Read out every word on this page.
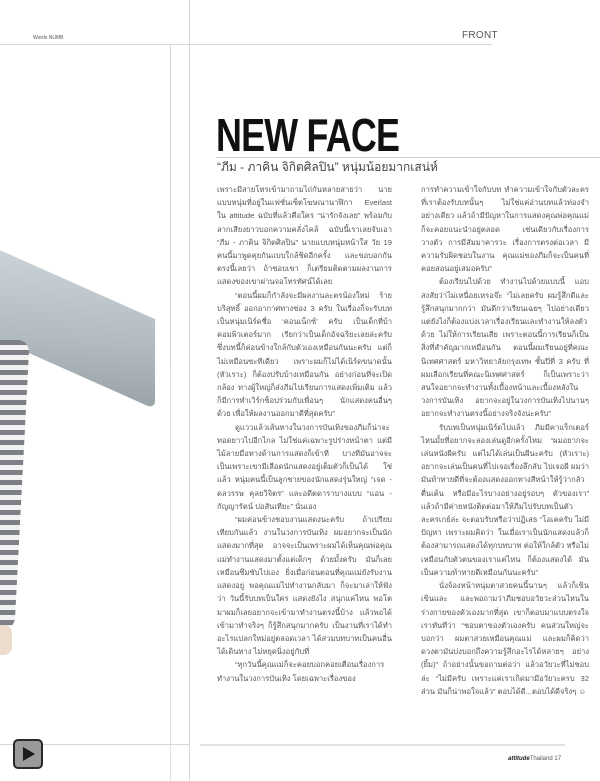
Words NUMB	FRONT
NEW FACE
“ภีม - ภาคิน จิกิตศิลปิน” หนุ่มน้อยมากเสน่ห์

เพราะมีสายโทรเข้ามาถามไถ่กันหลายสายว่า นายแบบหนุ่มที่อยู่ในแฟชั่นเซ็ตโฆษณานาฬิกา Everlast ใน attitude ฉบับที่แล้วคือใคร “น่ารักจังเลย” พร้อมกับลากเสียงยาวบอกความคลั่งไคล้ ฉบับนี้เราเลยจับเอา “ภีม - ภาคิน จิกิตศิลปิน” นายแบบหนุ่มหน้าใส วัย 19 คนนี้มาพูดคุยกันแบบใกล้ชิดอีกครั้ง และขอบอกกันตรงนี้เลยว่า ถ้าชอบเขา ก็เตรียมติดตามผลงานการแสดงของเขาผ่านจอโทรทัศน์ได้เลย

“ตอนนี้ผมก็กำลังจะมีผลงานละครน้องใหม่ ร้ายบริสุทธิ์ ออกอากาศทางช่อง 3 ครับ ในเรื่องก็จะรับบทเป็นหนุ่มเนิร์ดชื่อ ‘คอนเน็กซ์’ ครับ เป็นเด็กที่บ้าคอมพิวเตอร์มาก เรียกว่าเป็นเด็กอัจฉริยะเลยล่ะครับ ซึ่งบทนี้ก็ค่อนข้างใกล้กับตัวเองเหมือนกันนะครับ แต่ก็ไม่เหมือนซะทีเดียว เพราะผมก็ไม่ได้เนิร์ดขนาดนั้น (หัวเราะ) ก็ต้องปรับบ้างเหมือนกัน อย่างก่อนที่จะเปิดกล้อง ทางผู้ใหญ่ก็ส่งภีมไปเรียนการแสดงเพิ่มเติม แล้วก็มีการทำเวิร์กช็อปร่วมกับเพื่อนๆ นักแสดงคนอื่นๆ ด้วย เพื่อให้ผลงานออกมาดีที่สุดครับ”

ดูแววแล้วเส้นทางในวงการบันเทิงของภีมก็น่าจะทอดยาวไปอีกไกล ไม่ใช่แค่เฉพาะรูปร่างหน้าตา แต่มีไม้ลายมือทางด้านการแสดงก็เข้าที บางทีมันอาจจะเป็นเพราะเขามีเลือดนักแสดงอยู่เต็มตัวก็เป็นได้ ใช่แล้ว หนุ่มคนนี้เป็นลูกชายของนักแสดงรุ่นใหญ่ “เจด - ดลวรรษ คุลยวิจิตร” และอดีตดาราบางแบบ “แอน - กัญญารัตน์ ปอสันเทียะ” นั่นเอง

“ผมค่อนข้างชอบงานแสดงนะครับ ถ้าเปรียบเทียบกันแล้ว งานในวงการบันเทิง ผมอยากจะเป็นนักแสดงมากที่สุด อาจจะเป็นเพราะผมได้เห็นคุณพ่อคุณแม่ทำงานแสดงมาตั้งแต่เด็กๆ ด้วยมั้งครับ มันก็เลยเหมือนซึมซับไปเอง ยิ่งเมื่อก่อนตอนที่คุณแม่ยังรับงานแสดงอยู่ พอคุณแม่ไปทำงานกลับมา ก็จะมาเล่าให้ฟังว่า วันนี้รับบทเป็นใคร แสดงยังไง สนุกแค่ไหน พอโตมาผมก็เลยอยากจะเข้ามาทำงานตรงนี้บ้าง แล้วพอได้เข้ามาทำจริงๆ ก็รู้สึกสนุกมากครับ เป็นงานที่เราได้ทำอะไรแปลกใหม่อยู่ตลอดเวลา ได้สวมบทบาทเป็นคนอื่น ได้เดินทาง ไม่หยุดนิ่งอยู่กับที่

“ทุกวันนี้คุณแม่ก็จะคอยบอกคอยเตือนเรื่องการทำงานในวงการบันเทิง โดยเฉพาะเรื่องของ

การทำความเข้าใจกับบท ทำความเข้าใจกับตัวละครที่เราต้องรับบทนั้นๆ ไม่ใช่แค่อ่านบทแล้วท่องจำอย่างเดียว แล้วถ้ามีปัญหาในการแสดงคุณพ่อคุณแม่ก็จะคอยแนะนำอยู่ตลอด เช่นเดียวกับเรื่องการวางตัว การมีสัมมาคารวะ เรื่องการตรงต่อเวลา มีความรับผิดชอบในงาน คุณแม่ของภีมก็จะเป็นคนที่คอยสอนอยู่เสมอครับ”

ต้องเรียนไปด้วย ทำงานไปด้วยแบบนี้ แอบสงสัยว่าไม่เหนื่อยเหรอจ๊ะ “ไม่เลยครับ ผมรู้สึกดีและรู้สึกสนุกมากกว่า มันดีกว่าเรียนเฉยๆ ไปอย่างเดียว แต่ยังไงก็ต้องแบ่งเวลาเรื่องเรียนและทำงานให้ลงตัวด้วย ไม่ให้การเรียนเสีย เพราะตอนนี้การเรียนก็เป็นสิ่งที่สำคัญมากเหมือนกัน ตอนนี้ผมเรียนอยู่ที่คณะนิเทศศาสตร์ มหาวิทยาลัยกรุงเทพ ชั้นปีที่ 3 ครับ ที่ผมเลือกเรียนที่คณะนิเทศศาสตร์ ก็เป็นเพราะว่าสนใจอยากจะทำงานทั้งเบื้องหน้าและเบื้องหลังในวงการบันเทิง อยากจะอยู่ในวงการบันเทิงไปนานๆ อยากจะทำงานตรงนี้อย่างจริงจังน่ะครับ”

รับบทเป็นหนุ่มเนิร์ดไปแล้ว ภีมมีคาแร็กเตอร์ไหนมั้ยที่อยากจะลองเล่นดูอีกครั้งไหม “ผมอยากจะเล่นหนังผีครับ แต่ไม่ได้เล่นเป็นผีนะครับ (หัวเราะ) อยากจะเล่นเป็นคนที่ไปเจอเรื่องลึกลับ ไปเจอผี ผมว่ามันท้าทายดีที่จะต้องแสดงออกทางสีหน้าให้รู้ว่ากลัว ตื่นเต้น หรือมีอะไรบางอย่างอยู่รอบๆ ตัวของเรา” แล้วถ้ามีค่ายหนังติดต่อมาให้ภีมไปรับบทเป็นตัวละครเกย์ล่ะ จะตอบรับหรือว่าปฏิเสธ “โอเคครับ ไม่มีปัญหา เพราะผมคิดว่า ในเมื่อเราเป็นนักแสดงแล้วก็ต้องสามารถแสดงได้ทุกบทบาท ต่อให้ใกล้ตัว หรือไม่เหมือนกับตัวตนของเราแค่ไหน ก็ต้องแสดงได้ มันเป็นความท้าทายดีเหมือนกันนะครับ”

นั่งจ้องหน้าหนุ่มตาสวยคนนี้นานๆ แล้วก็เขินเขินและ และพอถามว่าภีมชอบอวัยวะส่วนไหนในร่างกายของตัวเองมากที่สุด เขาก็ตอบมาแบบตรงใจเราทันทีว่า “ชอบตาของตัวเองครับ คนส่วนใหญ่จะบอกว่า ผมตาสวยเหมือนคุณแม่ และผมก็คิดว่าดวงตามันบ่งบอกถึงความรู้สึกอะไรได้หลายๆ อย่าง (ยิ้ม)” ถ้าอย่างนั้นขอถามต่อว่า แล้วอวัยวะที่ไม่ชอบล่ะ “ไม่มีครับ เพราะแค่เราเกิดมามีอวัยวะครบ 32 ส่วน มันก็น่าพอใจแล้ว” ตอบได้ดี...ตอบได้ดีจริงๆ ☺

attitudeThailand 17
